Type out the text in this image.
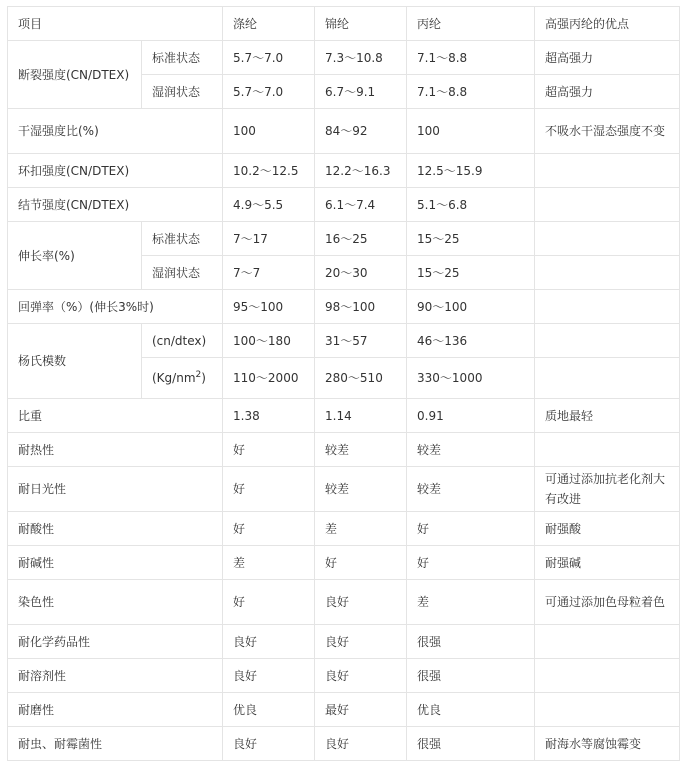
项目		涤纶	锦纶	丙纶	高强丙纶的优点
断裂强度(CN/DTEX)	标准状态	5.7～7.0	7.3～10.8	7.1～8.8	超高强力
	湿润状态	5.7～7.0	6.7～9.1	7.1～8.8	超高强力
干湿强度比(%)		100	84～92	100	不吸水干湿态强度不变
环扣强度(CN/DTEX)		10.2～12.5	12.2～16.3	12.5～15.9	
结节强度(CN/DTEX)		4.9～5.5	6.1～7.4	5.1～6.8	
伸长率(%)	标准状态	7～17	16～25	15～25	
	湿润状态	7～7	20～30	15～25	
回弹率（%）(伸长3%时)		95～100	98～100	90～100	
杨氏模数	(cn/dtex)	100～180	31～57	46～136	
	$(Kg/nm^2)$	110～2000	280～510	330～1000	
比重		1.38	1.14	0.91	质地最轻
耐热性		好	较差	较差	
耐日光性		好	较差	较差	可通过添加抗老化剂大有改进
耐酸性		好	差	好	耐强酸
耐碱性		差	好	好	耐强碱
染色性		好	良好	差	可通过添加色母粒着色
耐化学药品性		良好	良好	很强	
耐溶剂性		良好	良好	很强	
耐磨性		优良	最好	优良	
耐虫、耐霉菌性		良好	良好	很强	耐海水等腐蚀霉变
